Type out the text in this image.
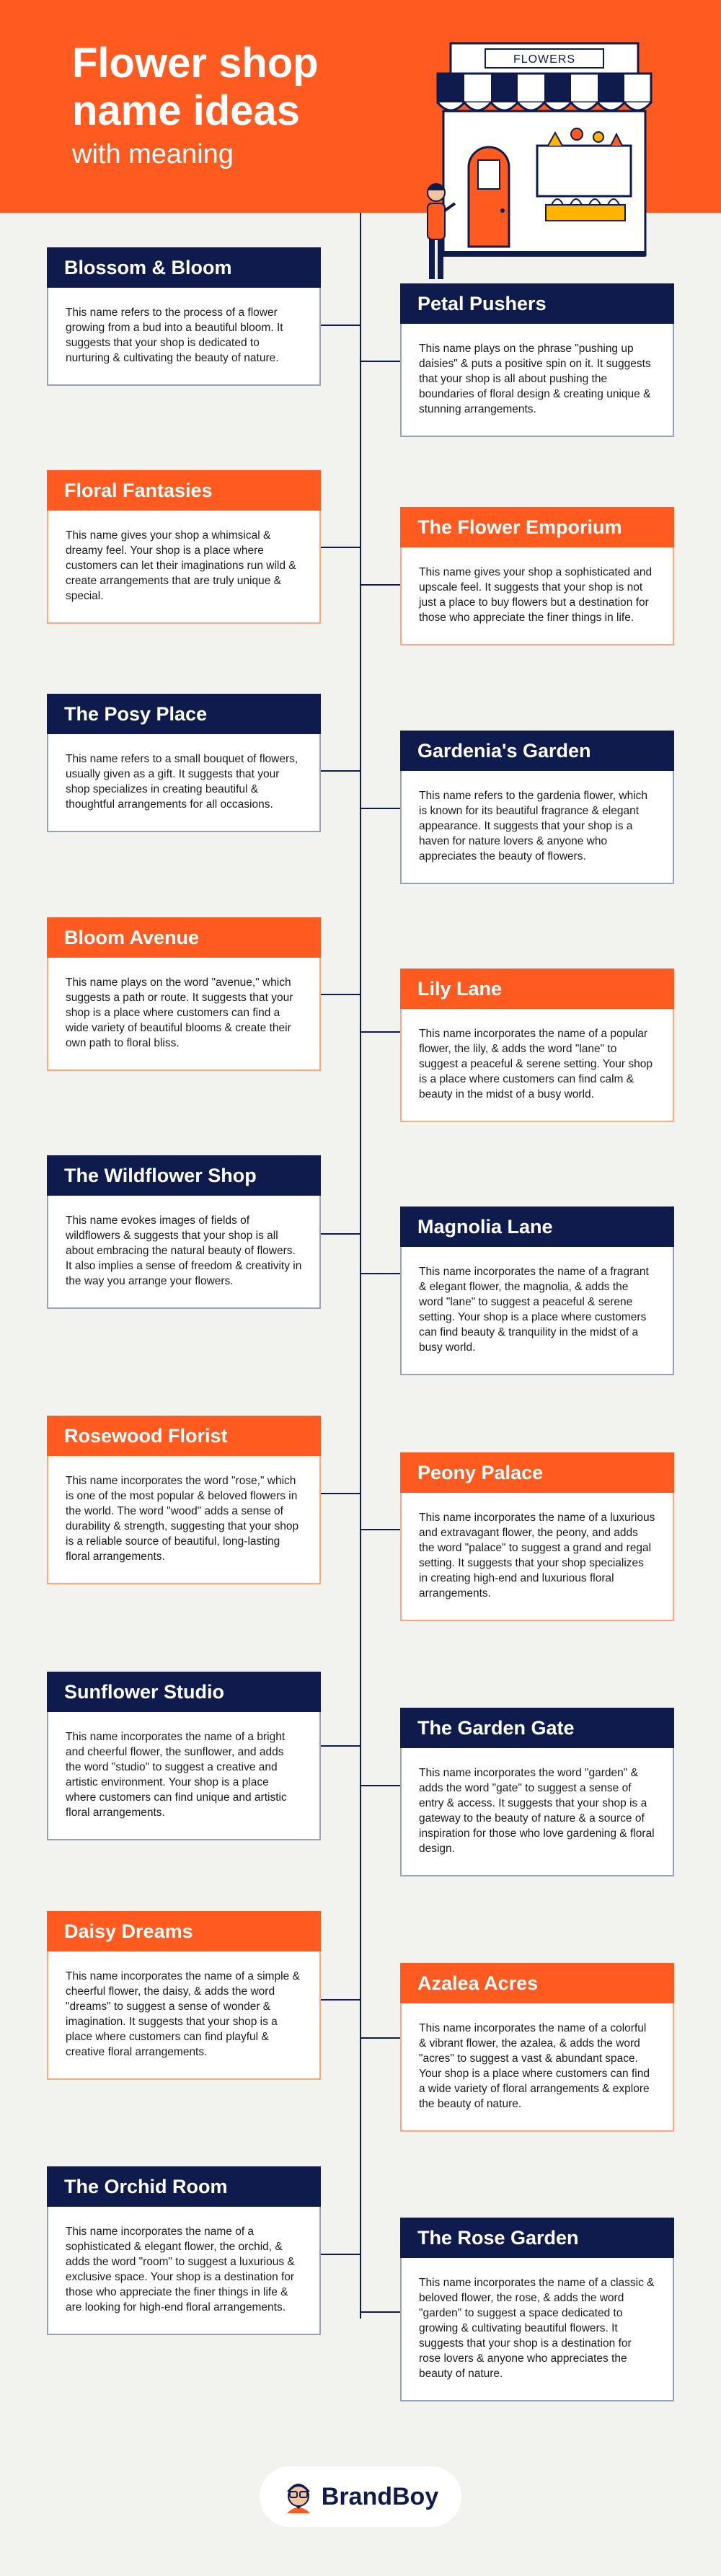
Flower shop name ideas

with meaning

FLOWERS
Blossom & Bloom
This name refers to the process of a flower growing from a bud into a beautiful bloom. It suggests that your shop is dedicated to nurturing & cultivating the beauty of nature.
Petal Pushers
This name plays on the phrase "pushing up daisies" & puts a positive spin on it. It suggests that your shop is all about pushing the boundaries of floral design & creating unique & stunning arrangements.
Floral Fantasies
This name gives your shop a whimsical & dreamy feel. Your shop is a place where customers can let their imaginations run wild & create arrangements that are truly unique & special.
The Flower Emporium
This name gives your shop a sophisticated and upscale feel. It suggests that your shop is not just a place to buy flowers but a destination for those who appreciate the finer things in life.
The Posy Place
This name refers to a small bouquet of flowers, usually given as a gift. It suggests that your shop specializes in creating beautiful & thoughtful arrangements for all occasions.
Gardenia's Garden
This name refers to the gardenia flower, which is known for its beautiful fragrance & elegant appearance. It suggests that your shop is a haven for nature lovers & anyone who appreciates the beauty of flowers.
Bloom Avenue
This name plays on the word "avenue," which suggests a path or route. It suggests that your shop is a place where customers can find a wide variety of beautiful blooms & create their own path to floral bliss.
Lily Lane
This name incorporates the name of a popular flower, the lily, & adds the word "lane" to suggest a peaceful & serene setting. Your shop is a place where customers can find calm & beauty in the midst of a busy world.
The Wildflower Shop
This name evokes images of fields of wildflowers & suggests that your shop is all about embracing the natural beauty of flowers. It also implies a sense of freedom & creativity in the way you arrange your flowers.
Magnolia Lane
This name incorporates the name of a fragrant & elegant flower, the magnolia, & adds the word "lane" to suggest a peaceful & serene setting. Your shop is a place where customers can find beauty & tranquility in the midst of a busy world.
Rosewood Florist
This name incorporates the word "rose," which is one of the most popular & beloved flowers in the world. The word "wood" adds a sense of durability & strength, suggesting that your shop is a reliable source of beautiful, long-lasting floral arrangements.
Peony Palace
This name incorporates the name of a luxurious and extravagant flower, the peony, and adds the word "palace" to suggest a grand and regal setting. It suggests that your shop specializes in creating high-end and luxurious floral arrangements.
Sunflower Studio
This name incorporates the name of a bright and cheerful flower, the sunflower, and adds the word "studio" to suggest a creative and artistic environment. Your shop is a place where customers can find unique and artistic floral arrangements.
The Garden Gate
This name incorporates the word "garden" & adds the word "gate" to suggest a sense of entry & access. It suggests that your shop is a gateway to the beauty of nature & a source of inspiration for those who love gardening & floral design.
Daisy Dreams
This name incorporates the name of a simple & cheerful flower, the daisy, & adds the word "dreams" to suggest a sense of wonder & imagination. It suggests that your shop is a place where customers can find playful & creative floral arrangements.
Azalea Acres
This name incorporates the name of a colorful & vibrant flower, the azalea, & adds the word "acres" to suggest a vast & abundant space. Your shop is a place where customers can find a wide variety of floral arrangements & explore the beauty of nature.
The Orchid Room
This name incorporates the name of a sophisticated & elegant flower, the orchid, & adds the word "room" to suggest a luxurious & exclusive space. Your shop is a destination for those who appreciate the finer things in life & are looking for high-end floral arrangements.
The Rose Garden
This name incorporates the name of a classic & beloved flower, the rose, & adds the word "garden" to suggest a space dedicated to growing & cultivating beautiful flowers. It suggests that your shop is a destination for rose lovers & anyone who appreciates the beauty of nature.
BrandBoy
